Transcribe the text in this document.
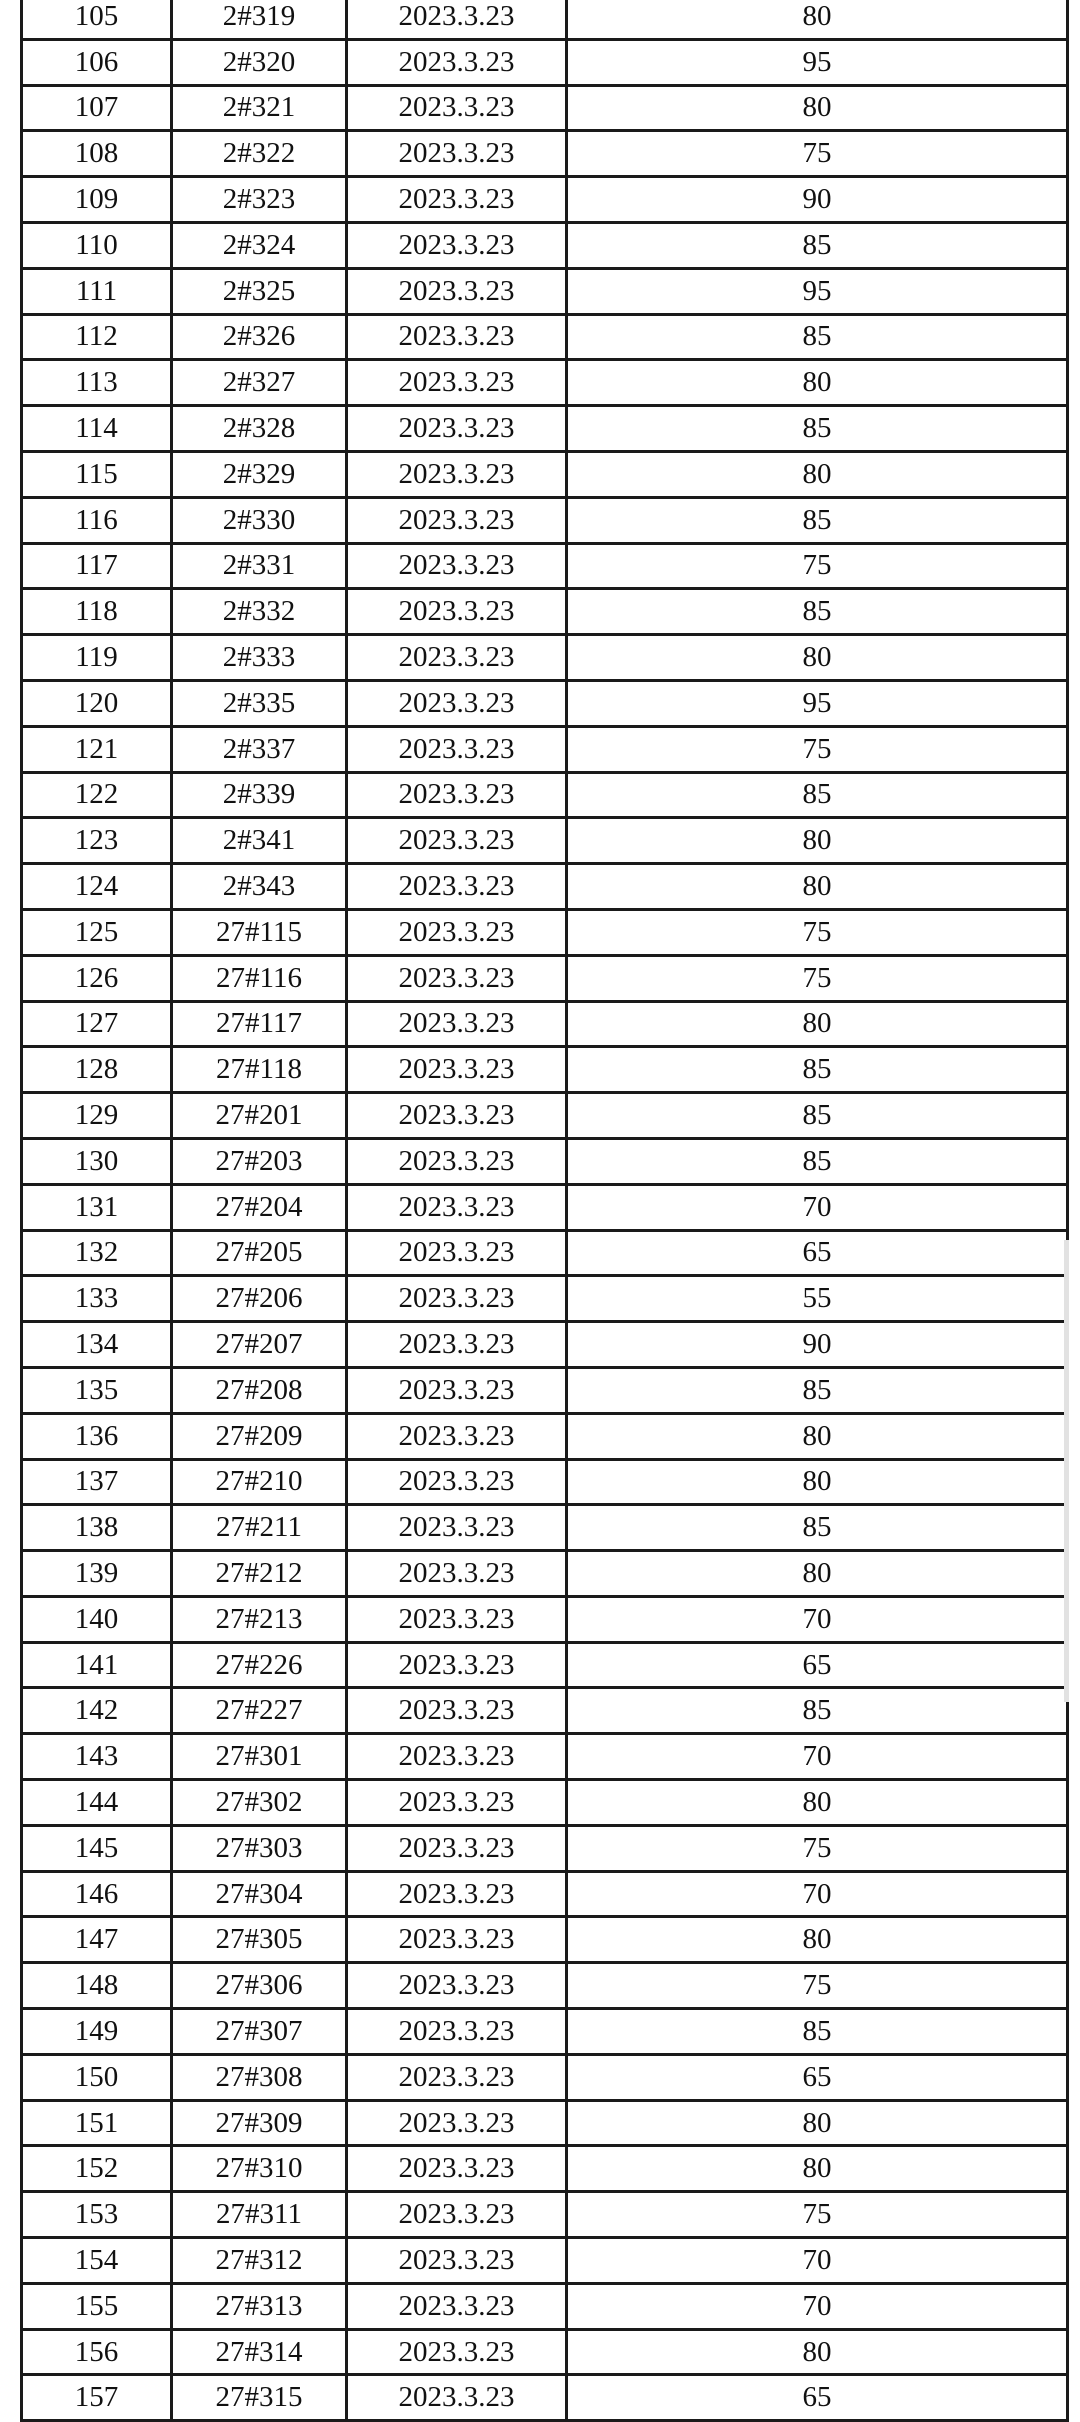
105	2#319	2023.3.23	80
106	2#320	2023.3.23	95
107	2#321	2023.3.23	80
108	2#322	2023.3.23	75
109	2#323	2023.3.23	90
110	2#324	2023.3.23	85
111	2#325	2023.3.23	95
112	2#326	2023.3.23	85
113	2#327	2023.3.23	80
114	2#328	2023.3.23	85
115	2#329	2023.3.23	80
116	2#330	2023.3.23	85
117	2#331	2023.3.23	75
118	2#332	2023.3.23	85
119	2#333	2023.3.23	80
120	2#335	2023.3.23	95
121	2#337	2023.3.23	75
122	2#339	2023.3.23	85
123	2#341	2023.3.23	80
124	2#343	2023.3.23	80
125	27#115	2023.3.23	75
126	27#116	2023.3.23	75
127	27#117	2023.3.23	80
128	27#118	2023.3.23	85
129	27#201	2023.3.23	85
130	27#203	2023.3.23	85
131	27#204	2023.3.23	70
132	27#205	2023.3.23	65
133	27#206	2023.3.23	55
134	27#207	2023.3.23	90
135	27#208	2023.3.23	85
136	27#209	2023.3.23	80
137	27#210	2023.3.23	80
138	27#211	2023.3.23	85
139	27#212	2023.3.23	80
140	27#213	2023.3.23	70
141	27#226	2023.3.23	65
142	27#227	2023.3.23	85
143	27#301	2023.3.23	70
144	27#302	2023.3.23	80
145	27#303	2023.3.23	75
146	27#304	2023.3.23	70
147	27#305	2023.3.23	80
148	27#306	2023.3.23	75
149	27#307	2023.3.23	85
150	27#308	2023.3.23	65
151	27#309	2023.3.23	80
152	27#310	2023.3.23	80
153	27#311	2023.3.23	75
154	27#312	2023.3.23	70
155	27#313	2023.3.23	70
156	27#314	2023.3.23	80
157	27#315	2023.3.23	65
